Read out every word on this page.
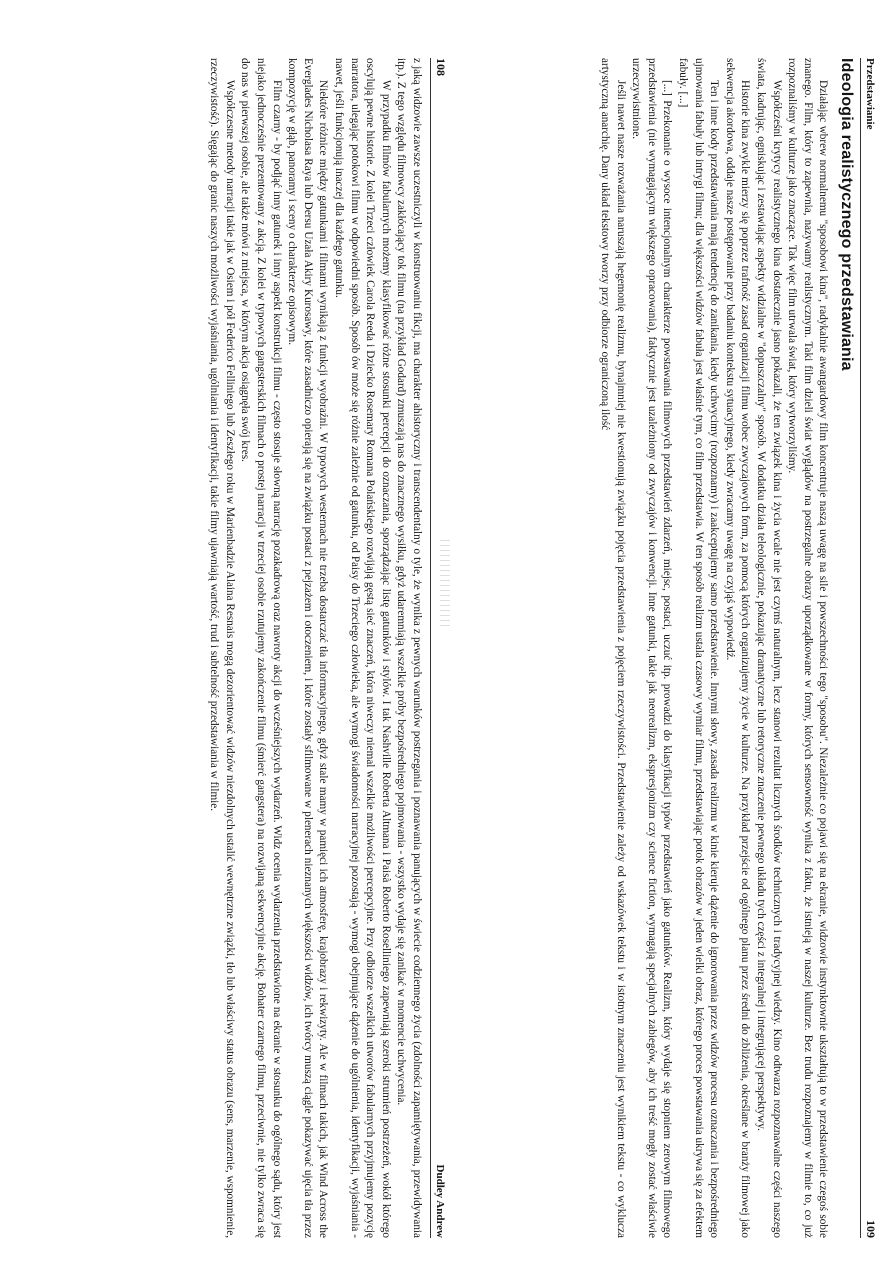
108
Dudley Andrew

z jaką widzowie zawsze uczestniczyli w konstruowaniu fikcji, ma charakter ahistoryczny i transcendentalny o tyle, że wynika z pewnych warunków postrzegania i poznawania panujących w świecie codziennego życia (zdolności zapamiętywania, przewidywania itp.). Z tego względu filmowcy zakłócający tok filmu (na przykład Godard) zmuszają nas do znacznego wysiłku, gdyż udaremniają wszelkie próby bezpośredniego pojmowania - wszystko wydaje się zanikać w momencie uchwycenia.

W przypadku filmów fabularnych możemy klasyfikować różne stosunki percepcji do oznaczania, sporządzając listę gatunków i stylów. I tak Nashville Roberta Altmana i Paisà Roberto Roselliniego zapewniają szeroki strumień postrzeżeń, wokół którego oscylują pewne historie. Z kolei Trzeci człowiek Carola Reeda i Dziecko Rosemary Romana Polańskiego rozwijają gęstą sieć znaczeń, która niweczy niemal wszelkie możliwości percepcyjne. Przy odbiorze wszelkich utworów fabularnych przyjmujemy pozycję narratora, ulegając potokowi filmu w odpowiedni sposób. Sposób ów może się różnie zależnie od gatunku, od Paisy do Trzeciego człowieka, ale wymogi świadomości narracyjnej pozostają - wymogi obejmujące dążenie do ugólnienia, identyfikacji, wyjaśniania - nawet, jeśli funkcjonują inaczej dla każdego gatunku.

Niektóre różnice między gatunkami i filmami wynikają z funkcji wyobraźni. W typowych westernach nie trzeba dostarczać tła informacyjnego, gdyż stale mamy w pamięci ich atmosferę, krajobrazy i rekwizyty. Ale w filmach takich, jak Wind Across the Everglades Nicholasa Raya lub Dersu Uzała Akiry Kurosawy, które zasadniczo opierają się na związku postaci z pejzażem i otoczeniem, i które zostały sfilmowane w plenerach nieznanych większości widzów, ich twórcy muszą ciągle pokazywać ujęcia tła przez kompozycję w głąb, panoramy i sceny o charakterze opisowym.

Film czarny - by podjąć inny gatunek i inny aspekt konstrukcji filmu - często stosuje słowną narrację pozakadrową oraz nawroty akcji do wcześniejszych wydarzeń. Widz ocenia wydarzenia przedstawione na ekranie w stosunku do ogólnego sądu, który jest niejako jednocześnie prezentowany z akcją. Z kolei w typowych gangsterskich filmach o prostej narracji w trzeciej osobie rzutujemy zakończenie filmu (śmierć gangstera) na rozwijaną sekwencyjnie akcję. Bohater czarnego filmu, przeciwnie, nie tylko zwraca się do nas w pierwszej osobie, ale także mówi z miejsca, w którym akcja osiągnęła swój kres.

Współczesne metody narracji takie jak w Osiem i pół Federico Felliniego lub Zeszłego roku w Marienbadzie Alaina Resnais mogą dezorientować widzów niezdolnych ustalić wewnętrzne związki, tło lub właściwy status obrazu (sens, marzenie, wspomnienie, rzeczywistość). Sięgając do granic naszych możliwości wyjaśniania, ugólniania i identyfikacji, takie filmy ujawniają wartość, trud i subtelność przedstawiania w filmie.	Przedstawianie
109
Ideologia realistycznego przedstawiania

Działając wbrew normalnemu "sposobowi kina", radykalnie awangardowy film koncentruje naszą uwagę na sile i powszechności tego "sposobu". Niezależnie co pojawi się na ekranie, widzowie instynktownie ukształtują to w przedstawienie czegoś sobie znanego. Film, który to zapewnia, nazywamy realistycznym. Taki film dzieli świat wyglądów na postrzegalne obrazy uporządkowane w formy, których sensowność wynika z faktu, że istnieją w naszej kulturze. Bez trudu rozpoznajemy w filmie to, co już rozpoznaliśmy w kulturze jako znaczące. Tak więc film utrwala świat, który wytworzyliśmy.

Współcześni krytycy realistycznego kina dostatecznie jasno pokazali, że ten związek kina i życia wcale nie jest czymś naturalnym, lecz stanowi rezultat licznych środków technicznych i tradycyjnej wiedzy. Kino odtwarza rozpoznawalne części naszego świata, kadrując, ogniskując i zestawiając aspekty widzialne w "dopuszczalny" sposób. W dodatku działa teleologicznie, pokazując dramatyczne lub retoryczne znaczenie pewnego układu tych części z integralnej i integrującej perspektywy.

Historie kina zwykle mierzy się poprzez trafność zasad organizacji filmu wobec zwyczajowych form, za pomocą których organizujemy życie w kulturze. Na przykład przejście od ogólnego planu przez średni do zbliżenia, określane w branży filmowej jako sekwencja akordowa, oddaje nasze postępowanie przy badaniu kontekstu sytuacyjnego, kiedy zwracamy uwagę na czyjąś wypowiedź.

Ten i inne kody przedstawiania mają tendencję do zanikania, kiedy uchwycimy (rozpoznamy) i zaakceptujemy samo przedstawienie. Innymi słowy, zasada realizmu w kinie kieruje dążenie do ignorowania przez widzów procesu oznaczania i bezpośredniego ujmowania fabuły lub intrygi filmu; dla większości widzów fabuła jest właśnie tym, co film przedstawia. W ten sposób realizm ustala czasowy wymiar filmu, przedstawiając potok obrazów w jeden wielki obraz, którego proces powstawania ukrywa się za efektem fabuły. [...]

[...] Przekonanie o wysoce intencjonalnym charakterze powstawania filmowych przedstawień zdarzeń, miejsc, postaci, uczuć itp. prowadzi do klasyfikacji typów przedstawień jako gatunków. Realizm, który wydaje się stopniem zerowym filmowego przedstawienia (nie wymagającym większego opracowania), faktycznie jest uzależniony od zwyczajów i konwencji. Inne gatunki, takie jak neorealizm, ekspresjonizm czy science fiction, wymagają specjalnych zabiegów, aby ich treść mogły zostać właściwie urzeczywistnione.

Jeśli nawet nasze rozważania naruszają hegemonię realizmu, bynajmniej nie kwestionują związku pojęcia przedstawienia z pojęciem rzeczywistości. Przedstawienie zależy od wskazówek tekstu i w istotnym znaczeniu jest wynikiem tekstu - co wyklucza artystyczną anarchię. Dany układ tekstowy tworzy przy odbiorze ograniczoną ilość
